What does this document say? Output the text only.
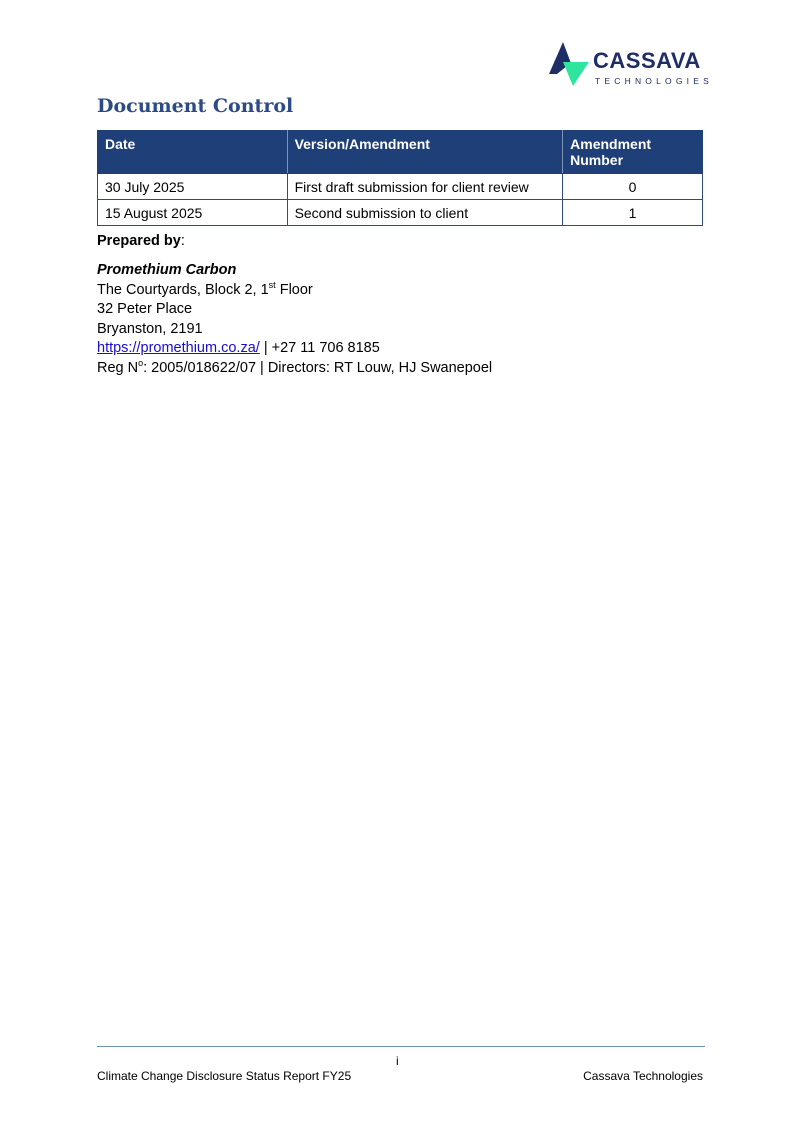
CASSAVA
TECHNOLOGIES
Document Control
Date	Version/Amendment	Amendment Number
30 July 2025	First draft submission for client review	0
15 August 2025	Second submission to client	1
Prepared by:
Promethium Carbon
The Courtyards, Block 2, 1st Floor
32 Peter Place
Bryanston, 2191
https://promethium.co.za/ | +27 11 706 8185
Reg $N^o$: 2005/018622/07 | Directors: RT Louw, HJ Swanepoel
i
Climate Change Disclosure Status Report FY25	Cassava Technologies
